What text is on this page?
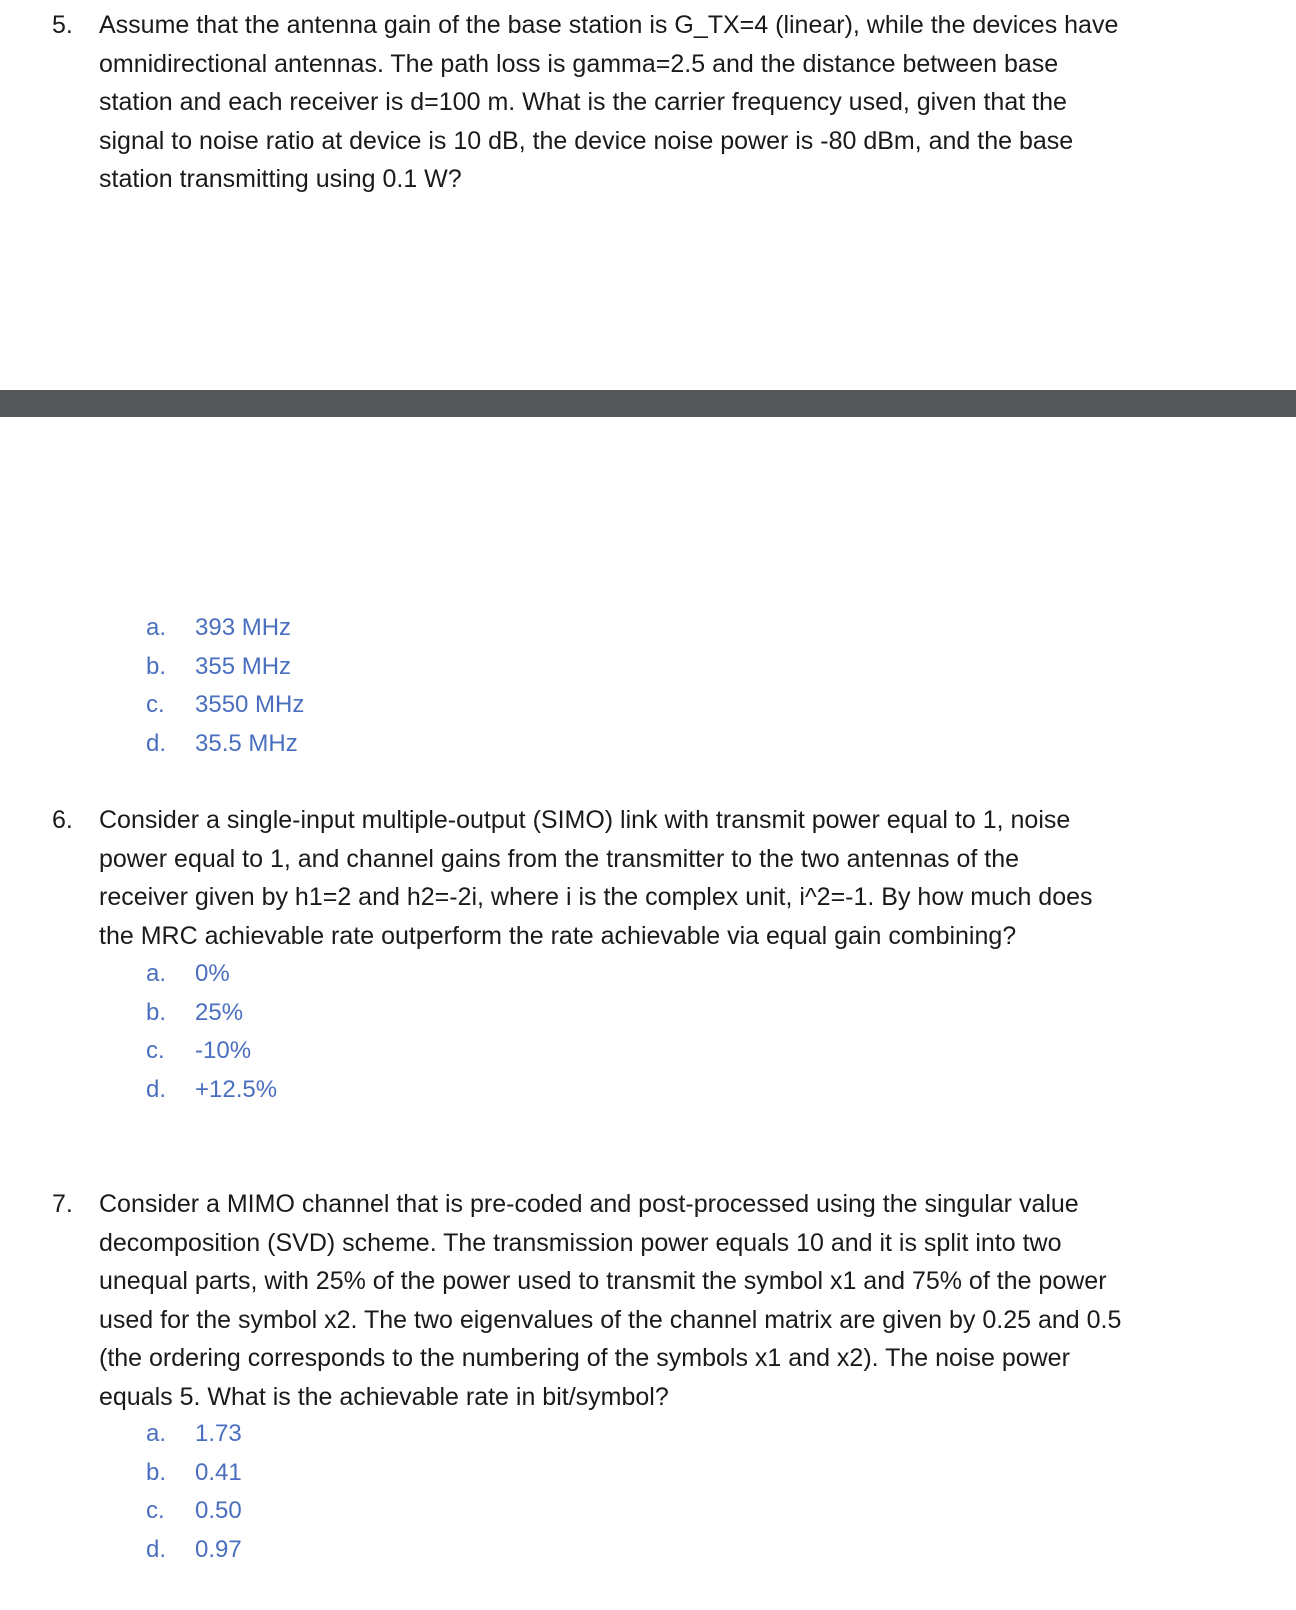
5. Assume that the antenna gain of the base station is G_TX=4 (linear), while the devices have
omnidirectional antennas. The path loss is gamma=2.5 and the distance between base
station and each receiver is d=100 m. What is the carrier frequency used, given that the
signal to noise ratio at device is 10 dB, the device noise power is -80 dBm, and the base
station transmitting using 0.1 W?

a. 393 MHz
b. 355 MHz
c. 3550 MHz
d. 35.5 MHz
6. Consider a single-input multiple-output (SIMO) link with transmit power equal to 1, noise
power equal to 1, and channel gains from the transmitter to the two antennas of the
receiver given by h1=2 and h2=-2i, where i is the complex unit, i^2=-1. By how much does
the MRC achievable rate outperform the rate achievable via equal gain combining?

a. 0%
b. 25%
c. -10%
d. +12.5%
7. Consider a MIMO channel that is pre-coded and post-processed using the singular value
decomposition (SVD) scheme. The transmission power equals 10 and it is split into two
unequal parts, with 25% of the power used to transmit the symbol x1 and 75% of the power
used for the symbol x2. The two eigenvalues of the channel matrix are given by 0.25 and 0.5
(the ordering corresponds to the numbering of the symbols x1 and x2). The noise power
equals 5. What is the achievable rate in bit/symbol?

a. 1.73
b. 0.41
c. 0.50
d. 0.97
